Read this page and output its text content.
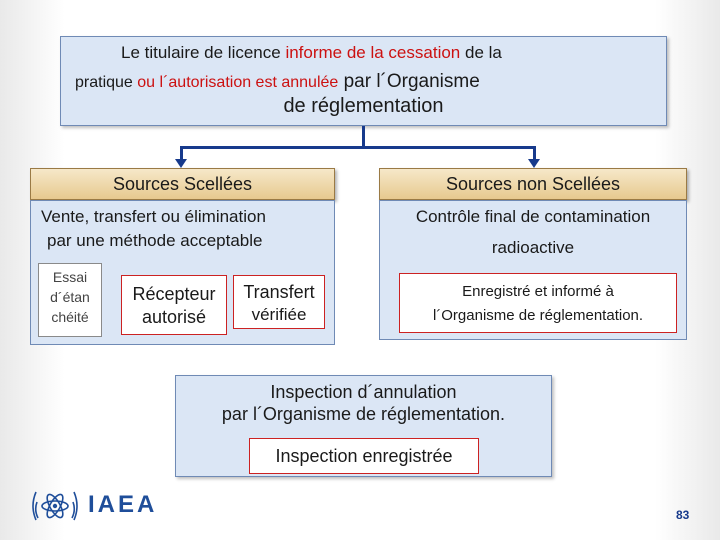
Le titulaire de licence informe de la cessation de la
pratique ou l´autorisation est annulée par l´Organisme
de réglementation
Sources Scellées
Vente, transfert ou élimination
par une méthode acceptable
Essai
d´étan
chéité
Récepteur
autorisé
Transfert
vérifiée
Sources non Scellées
Contrôle final de contamination
radioactive
Enregistré et informé à
l´Organisme de réglementation.
Inspection d´annulation
par l´Organisme de réglementation.
Inspection enregistrée
IAEA	83
